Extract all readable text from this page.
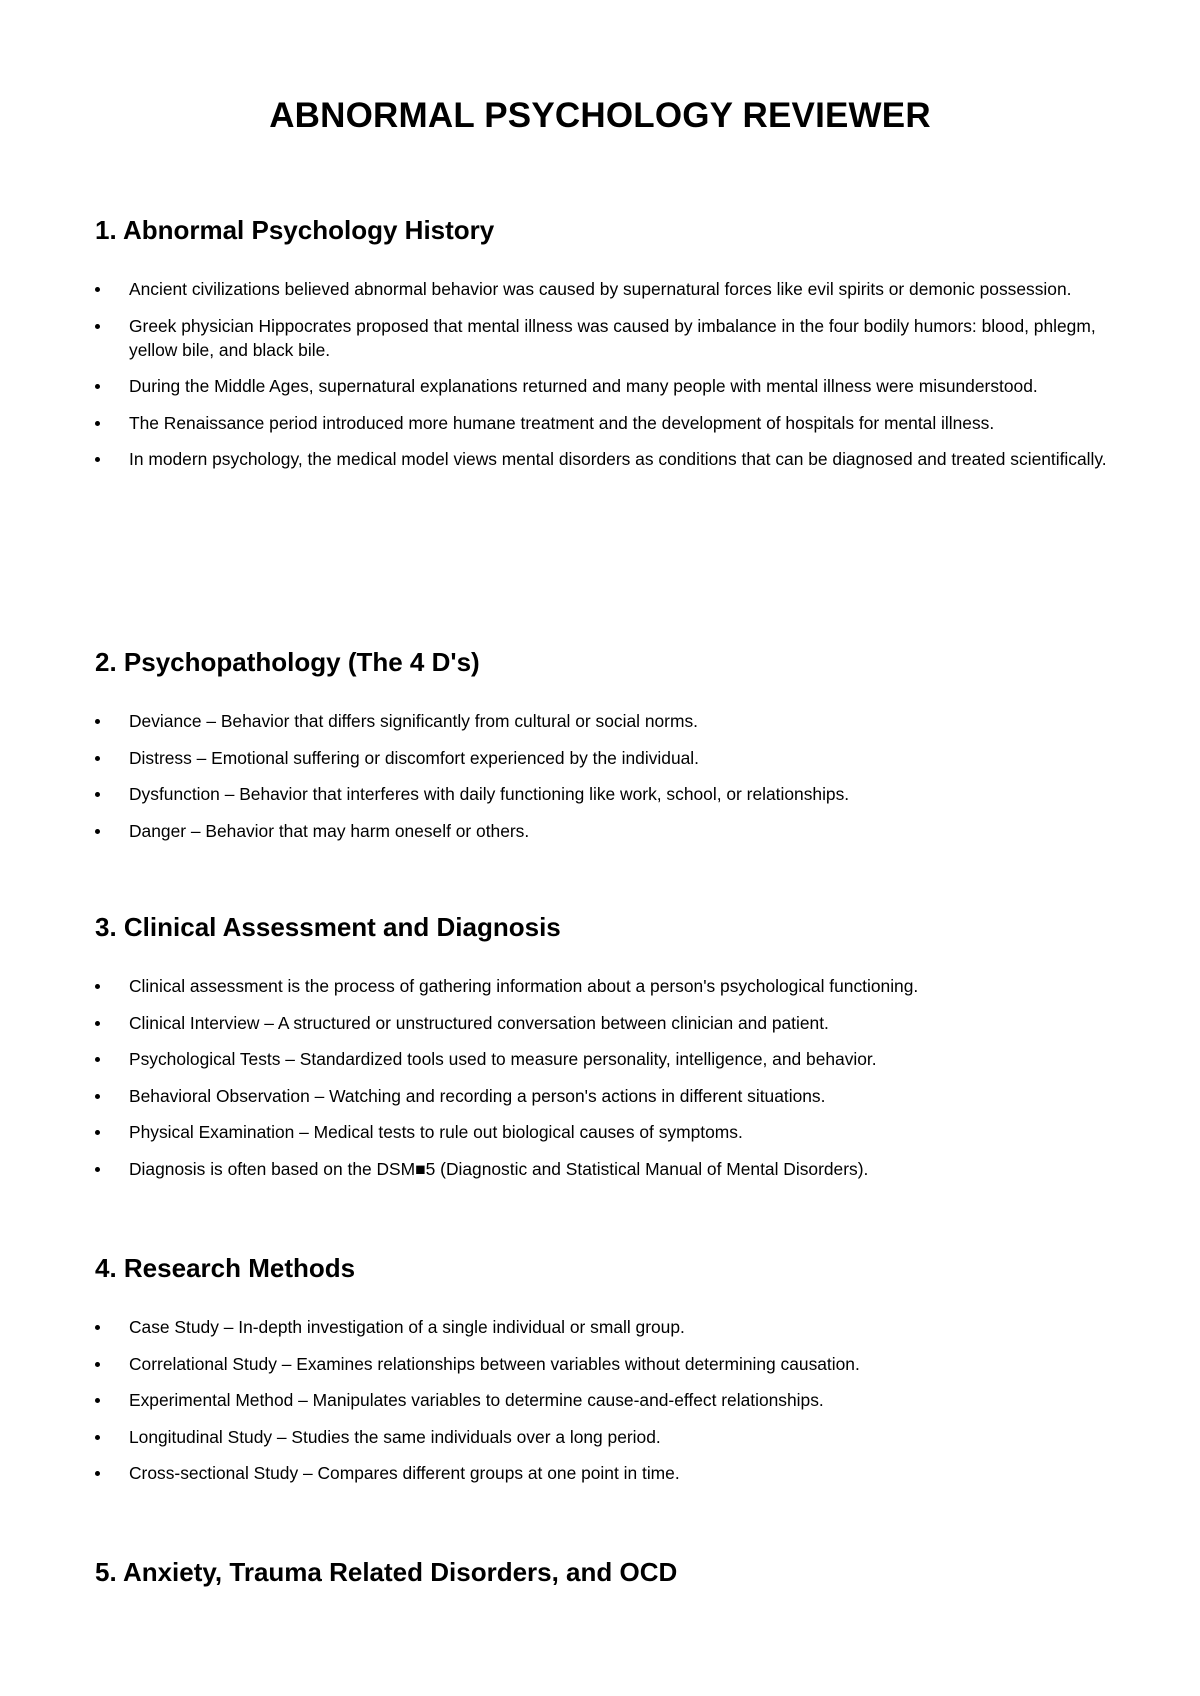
ABNORMAL PSYCHOLOGY REVIEWER
1. Abnormal Psychology History
Ancient civilizations believed abnormal behavior was caused by supernatural forces like evil spirits or demonic possession.
Greek physician Hippocrates proposed that mental illness was caused by imbalance in the four bodily humors: blood, phlegm, yellow bile, and black bile.
During the Middle Ages, supernatural explanations returned and many people with mental illness were misunderstood.
The Renaissance period introduced more humane treatment and the development of hospitals for mental illness.
In modern psychology, the medical model views mental disorders as conditions that can be diagnosed and treated scientifically.
2. Psychopathology (The 4 D's)
Deviance – Behavior that differs significantly from cultural or social norms.
Distress – Emotional suffering or discomfort experienced by the individual.
Dysfunction – Behavior that interferes with daily functioning like work, school, or relationships.
Danger – Behavior that may harm oneself or others.
3. Clinical Assessment and Diagnosis
Clinical assessment is the process of gathering information about a person's psychological functioning.
Clinical Interview – A structured or unstructured conversation between clinician and patient.
Psychological Tests – Standardized tools used to measure personality, intelligence, and behavior.
Behavioral Observation – Watching and recording a person's actions in different situations.
Physical Examination – Medical tests to rule out biological causes of symptoms.
Diagnosis is often based on the DSM■5 (Diagnostic and Statistical Manual of Mental Disorders).
4. Research Methods
Case Study – In-depth investigation of a single individual or small group.
Correlational Study – Examines relationships between variables without determining causation.
Experimental Method – Manipulates variables to determine cause-and-effect relationships.
Longitudinal Study – Studies the same individuals over a long period.
Cross-sectional Study – Compares different groups at one point in time.
5. Anxiety, Trauma Related Disorders, and OCD
